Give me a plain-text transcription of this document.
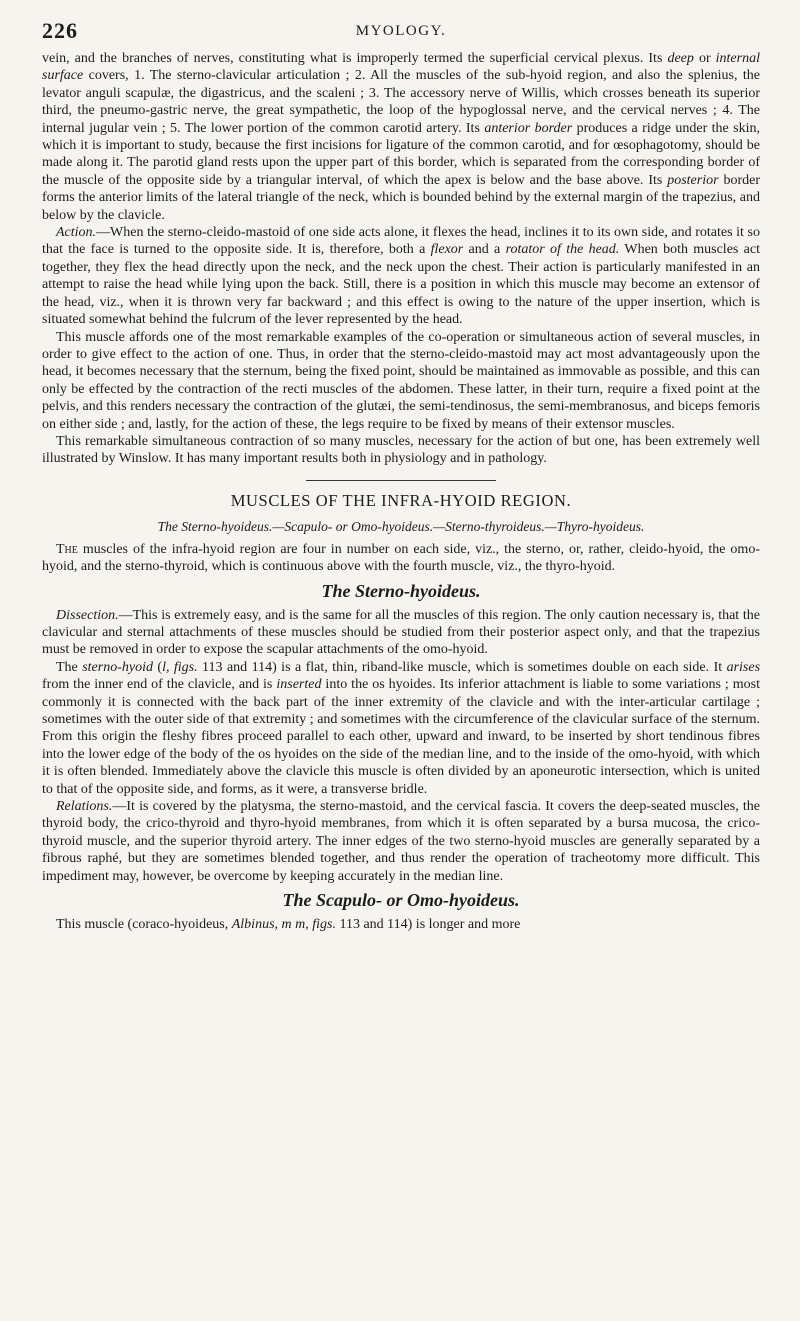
226	MYOLOGY.

vein, and the branches of nerves, constituting what is improperly termed the superficial cervical plexus. Its deep or internal surface covers, 1. The sterno-clavicular articulation ; 2. All the muscles of the sub-hyoid region, and also the splenius, the levator anguli scapulæ, the digastricus, and the scaleni ; 3. The accessory nerve of Willis, which crosses beneath its superior third, the pneumo-gastric nerve, the great sympathetic, the loop of the hypoglossal nerve, and the cervical nerves ; 4. The internal jugular vein ; 5. The lower portion of the common carotid artery. Its anterior border produces a ridge under the skin, which it is important to study, because the first incisions for ligature of the common carotid, and for œsophagotomy, should be made along it. The parotid gland rests upon the upper part of this border, which is separated from the corresponding border of the muscle of the opposite side by a triangular interval, of which the apex is below and the base above. Its posterior border forms the anterior limits of the lateral triangle of the neck, which is bounded behind by the external margin of the trapezius, and below by the clavicle.

Action.—When the sterno-cleido-mastoid of one side acts alone, it flexes the head, inclines it to its own side, and rotates it so that the face is turned to the opposite side. It is, therefore, both a flexor and a rotator of the head. When both muscles act together, they flex the head directly upon the neck, and the neck upon the chest. Their action is particularly manifested in an attempt to raise the head while lying upon the back. Still, there is a position in which this muscle may become an extensor of the head, viz., when it is thrown very far backward ; and this effect is owing to the nature of the upper insertion, which is situated somewhat behind the fulcrum of the lever represented by the head.

This muscle affords one of the most remarkable examples of the co-operation or simultaneous action of several muscles, in order to give effect to the action of one. Thus, in order that the sterno-cleido-mastoid may act most advantageously upon the head, it becomes necessary that the sternum, being the fixed point, should be maintained as immovable as possible, and this can only be effected by the contraction of the recti muscles of the abdomen. These latter, in their turn, require a fixed point at the pelvis, and this renders necessary the contraction of the glutæi, the semi-tendinosus, the semi-membranosus, and biceps femoris on either side ; and, lastly, for the action of these, the legs require to be fixed by means of their extensor muscles.

This remarkable simultaneous contraction of so many muscles, necessary for the action of but one, has been extremely well illustrated by Winslow. It has many important results both in physiology and in pathology.

MUSCLES OF THE INFRA-HYOID REGION.
The Sterno-hyoideus.—Scapulo- or Omo-hyoideus.—Sterno-thyroideus.—Thyro-hyoideus.

The muscles of the infra-hyoid region are four in number on each side, viz., the sterno, or, rather, cleido-hyoid, the omo-hyoid, and the sterno-thyroid, which is continuous above with the fourth muscle, viz., the thyro-hyoid.

The Sterno-hyoideus.

Dissection.—This is extremely easy, and is the same for all the muscles of this region. The only caution necessary is, that the clavicular and sternal attachments of these muscles should be studied from their posterior aspect only, and that the trapezius must be removed in order to expose the scapular attachments of the omo-hyoid.

The sterno-hyoid (l, figs. 113 and 114) is a flat, thin, riband-like muscle, which is sometimes double on each side. It arises from the inner end of the clavicle, and is inserted into the os hyoides. Its inferior attachment is liable to some variations ; most commonly it is connected with the back part of the inner extremity of the clavicle and with the inter-articular cartilage ; sometimes with the outer side of that extremity ; and sometimes with the circumference of the clavicular surface of the sternum. From this origin the fleshy fibres proceed parallel to each other, upward and inward, to be inserted by short tendinous fibres into the lower edge of the body of the os hyoides on the side of the median line, and to the inside of the omo-hyoid, with which it is often blended. Immediately above the clavicle this muscle is often divided by an aponeurotic intersection, which is united to that of the opposite side, and forms, as it were, a transverse bridle.

Relations.—It is covered by the platysma, the sterno-mastoid, and the cervical fascia. It covers the deep-seated muscles, the thyroid body, the crico-thyroid and thyro-hyoid membranes, from which it is often separated by a bursa mucosa, the crico-thyroid muscle, and the superior thyroid artery. The inner edges of the two sterno-hyoid muscles are generally separated by a fibrous raphé, but they are sometimes blended together, and thus render the operation of tracheotomy more difficult. This impediment may, however, be overcome by keeping accurately in the median line.

The Scapulo- or Omo-hyoideus.

This muscle (coraco-hyoideus, Albinus, m m, figs. 113 and 114) is longer and more
